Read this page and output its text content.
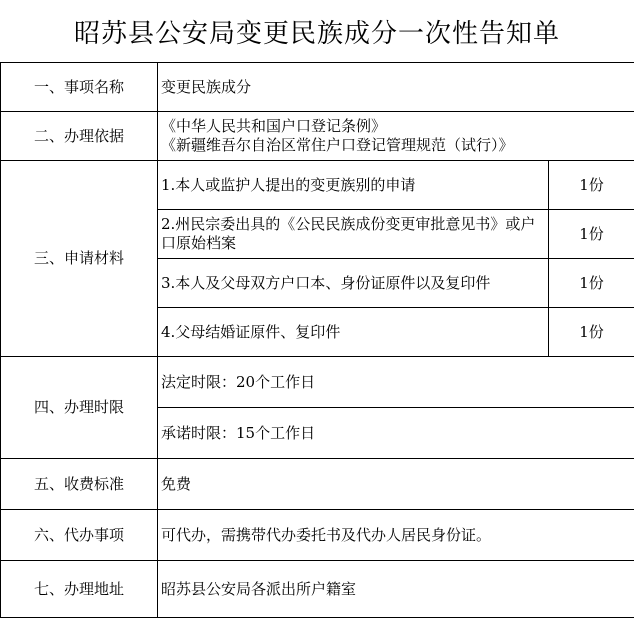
昭苏县公安局变更民族成分一次性告知单
一、事项名称	变更民族成分	
二、办理依据	《中华人民共和国户口登记条例》
《新疆维吾尔自治区常住户口登记管理规范（试行）》	

三、申请材料	1.本人或监护人提出的变更族别的申请	1份
	2.州民宗委出具的《公民民族成份变更审批意见书》或户口原始档案	1份
	3.本人及父母双方户口本、身份证原件以及复印件	1份
	4.父母结婚证原件、复印件	1份
四、办理时限	法定时限：20个工作日	
	承诺时限：15个工作日	
五、收费标准	免费	
六、代办事项	可代办，需携带代办委托书及代办人居民身份证。	
七、办理地址	昭苏县公安局各派出所户籍室	
